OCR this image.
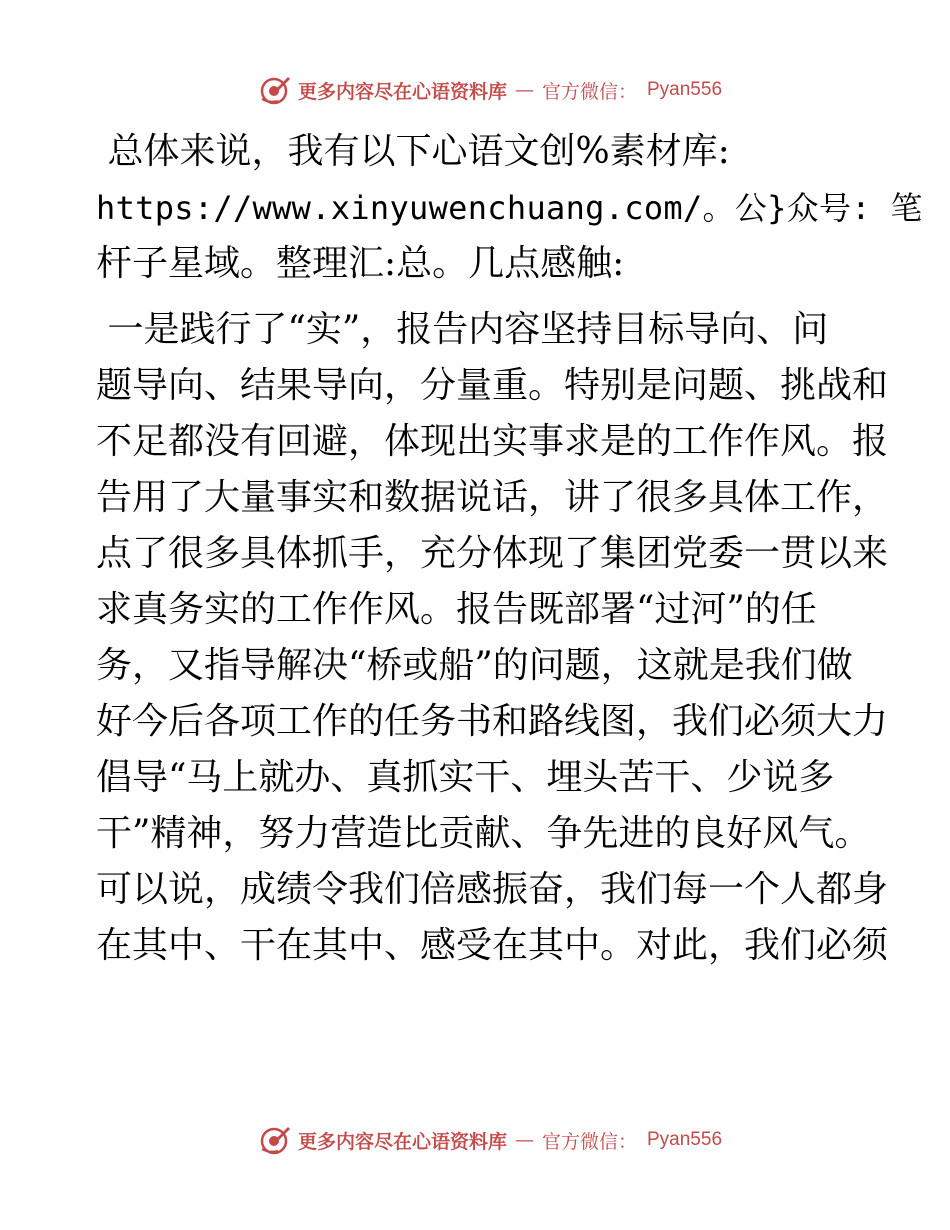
更多内容尽在心语资料库 — 官方微信： Pyan556
总体来说，我有以下心语文创%素材库:
https://www.xinyuwenchuang.com/。公}众号: 笔
杆子星域。整理汇:总。几点感触:
一是践行了“实”，报告内容坚持目标导向、问
题导向、结果导向，分量重。特别是问题、挑战和
不足都没有回避，体现出实事求是的工作作风。报
告用了大量事实和数据说话，讲了很多具体工作，
点了很多具体抓手，充分体现了集团党委一贯以来
求真务实的工作作风。报告既部署“过河”的任
务，又指导解决“桥或船”的问题，这就是我们做
好今后各项工作的任务书和路线图，我们必须大力
倡导“马上就办、真抓实干、埋头苦干、少说多
干”精神，努力营造比贡献、争先进的良好风气。
可以说，成绩令我们倍感振奋，我们每一个人都身
在其中、干在其中、感受在其中。对此，我们必须
更多内容尽在心语资料库 — 官方微信： Pyan556
